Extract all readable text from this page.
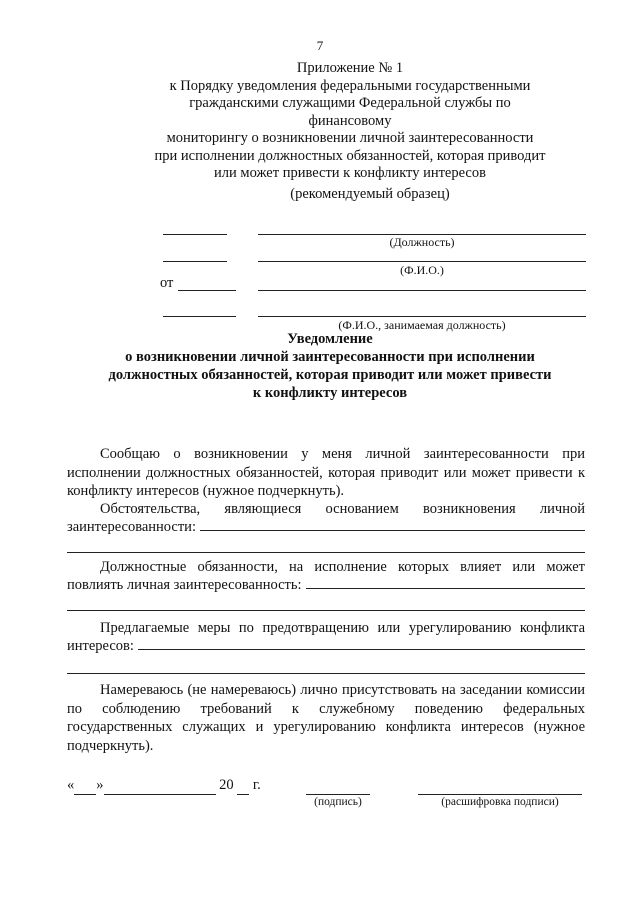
7
Приложение № 1
к Порядку уведомления федеральными государственными
гражданскими служащими Федеральной службы по финансовому
мониторингу о возникновении личной заинтересованности
при исполнении должностных обязанностей, которая приводит
или может привести к конфликту интересов
(рекомендуемый образец)
(Должность)
(Ф.И.О.)
от
(Ф.И.О., занимаемая должность)
Уведомление
о возникновении личной заинтересованности при исполнении
должностных обязанностей, которая приводит или может привести
к конфликту интересов
Сообщаю о возникновении у меня личной заинтересованности при исполнении должностных обязанностей, которая приводит или может привести к конфликту интересов (нужное подчеркнуть).
Обстоятельства, являющиеся основанием возникновения личной
заинтересованности:
Должностные обязанности, на исполнение которых влияет или может
повлиять личная заинтересованность:
Предлагаемые меры по предотвращению или урегулированию конфликта
интересов:
Намереваюсь (не намереваюсь) лично присутствовать на заседании комиссии по соблюдению требований к служебному поведению федеральных государственных служащих и урегулированию конфликта интересов (нужное подчеркнуть).
« »	20 г.
(подпись)	(расшифровка подписи)
